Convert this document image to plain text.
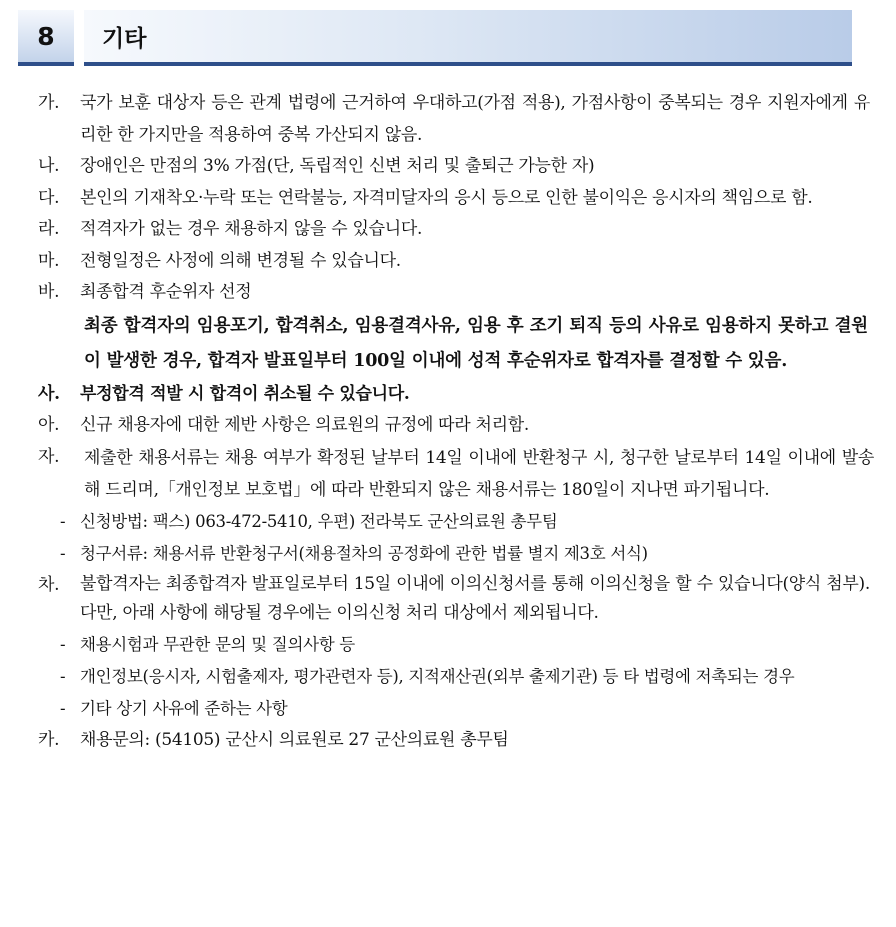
8	기타
가. 국가 보훈 대상자 등은 관계 법령에 근거하여 우대하고(가점 적용), 가점사항이 중복되는 경우 지원자에게 유리한 한 가지만을 적용하여 중복 가산되지 않음.
나. 장애인은 만점의 3% 가점(단, 독립적인 신변 처리 및 출퇴근 가능한 자)
다. 본인의 기재착오·누락 또는 연락불능, 자격미달자의 응시 등으로 인한 불이익은 응시자의 책임으로 함.
라. 적격자가 없는 경우 채용하지 않을 수 있습니다.
마. 전형일정은 사정에 의해 변경될 수 있습니다.
바. 최종합격 후순위자 선정
최종 합격자의 임용포기, 합격취소, 임용결격사유, 임용 후 조기 퇴직 등의 사유로 임용하지 못하고 결원이 발생한 경우, 합격자 발표일부터 100일 이내에 성적 후순위자로 합격자를 결정할 수 있음.
사. 부정합격 적발 시 합격이 취소될 수 있습니다.
아. 신규 채용자에 대한 제반 사항은 의료원의 규정에 따라 처리함.
자. 제출한 채용서류는 채용 여부가 확정된 날부터 14일 이내에 반환청구 시, 청구한 날로부터 14일 이내에 발송해 드리며,「개인정보 보호법」에 따라 반환되지 않은 채용서류는 180일이 지나면 파기됩니다.
- 신청방법: 팩스) 063-472-5410, 우편) 전라북도 군산의료원 총무팀
- 청구서류: 채용서류 반환청구서(채용절차의 공정화에 관한 법률 별지 제3호 서식)
차. 불합격자는 최종합격자 발표일로부터 15일 이내에 이의신청서를 통해 이의신청을 할 수 있습니다(양식 첨부). 다만, 아래 사항에 해당될 경우에는 이의신청 처리 대상에서 제외됩니다.
- 채용시험과 무관한 문의 및 질의사항 등
- 개인정보(응시자, 시험출제자, 평가관련자 등), 지적재산권(외부 출제기관) 등 타 법령에 저촉되는 경우
- 기타 상기 사유에 준하는 사항
카. 채용문의: (54105) 군산시 의료원로 27 군산의료원 총무팀
